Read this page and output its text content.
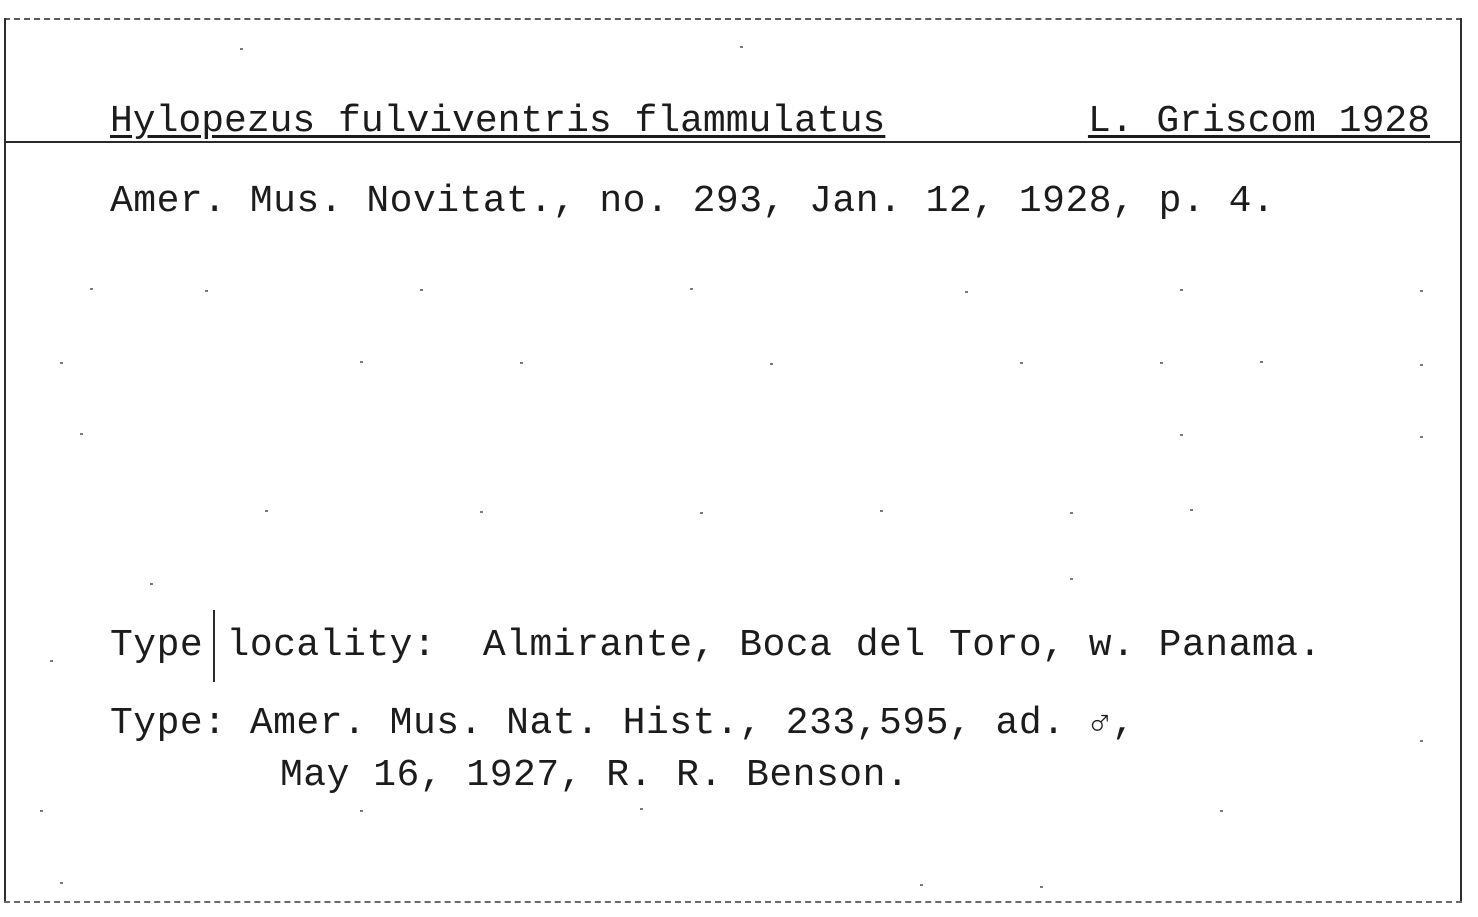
Hylopezus fulviventris flammulatus	L. Griscom 1928
Amer. Mus. Novitat., no. 293, Jan. 12, 1928, p. 4.
Type locality:  Almirante, Boca del Toro, w. Panama.
Type: Amer. Mus. Nat. Hist., 233,595, ad. ♂,
May 16, 1927, R. R. Benson.
